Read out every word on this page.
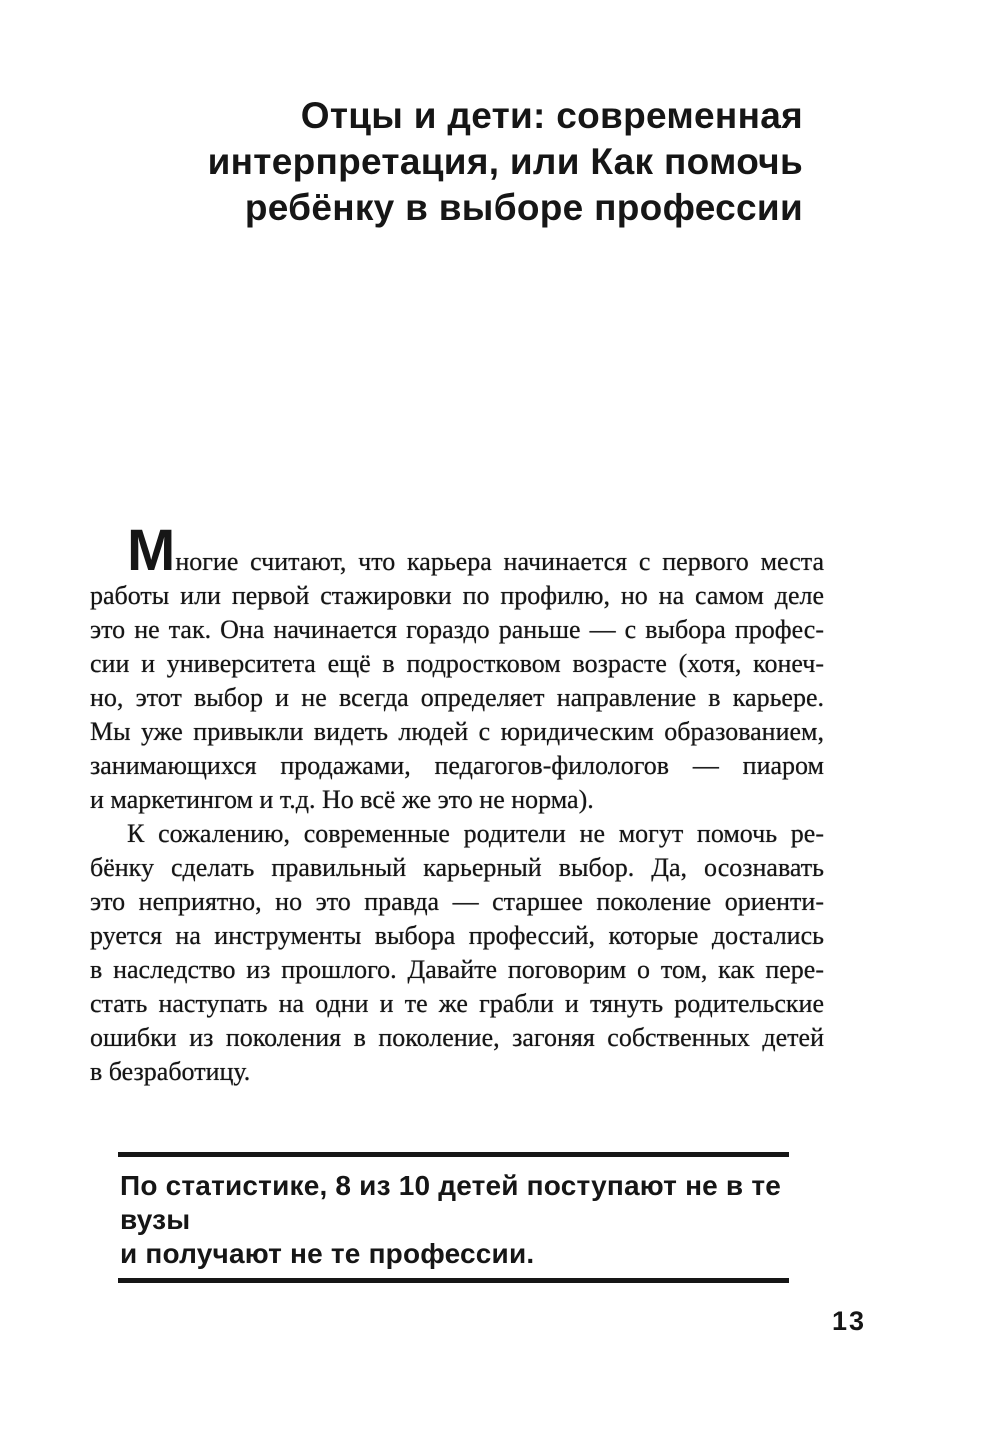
Отцы и дети: современная
интерпретация, или Как помочь
ребёнку в выборе профессии
Многие считают, что карьера начинается с первого места
работы или первой стажировки по профилю, но на самом деле
это не так. Она начинается гораздо раньше — с выбора профес-
сии и университета ещё в подростковом возрасте (хотя, конеч-
но, этот выбор и не всегда определяет направление в карьере.
Мы уже привыкли видеть людей с юридическим образованием,
занимающихся продажами, педагогов-филологов — пиаром
и маркетингом и т.д. Но всё же это не норма).
К сожалению, современные родители не могут помочь ре-
бёнку сделать правильный карьерный выбор. Да, осознавать
это неприятно, но это правда — старшее поколение ориенти-
руется на инструменты выбора профессий, которые достались
в наследство из прошлого. Давайте поговорим о том, как пере-
стать наступать на одни и те же грабли и тянуть родительские
ошибки из поколения в поколение, загоняя собственных детей
в безработицу.
По статистике, 8 из 10 детей поступают не в те вузы
и получают не те профессии.
13
